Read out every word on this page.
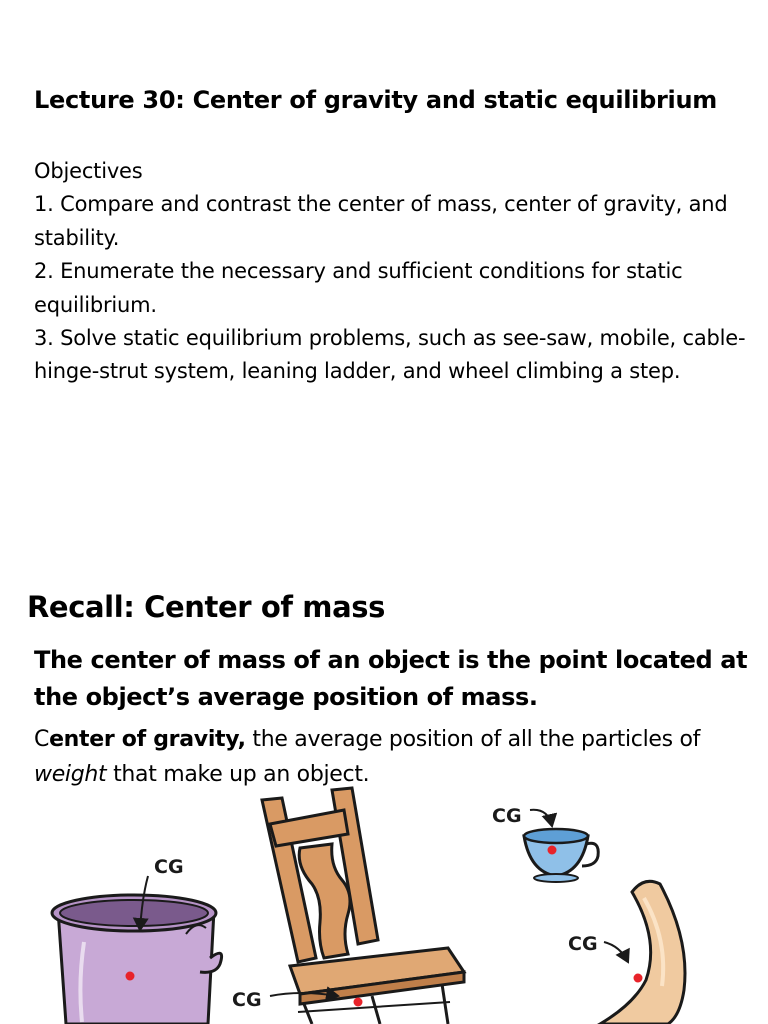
Lecture 30: Center of gravity and static equilibrium
Objectives
1. Compare and contrast the center of mass, center of gravity, and stability.
2. Enumerate the necessary and sufficient conditions for static equilibrium.
3. Solve static equilibrium problems, such as see-saw, mobile, cable-hinge-strut system, leaning ladder, and wheel climbing a step.
Recall: Center of mass

The center of mass of an object is the point located at the object’s average position of mass.

Center of gravity, the average position of all the particles of weight that make up an object.

CG
CG
CG
CG
